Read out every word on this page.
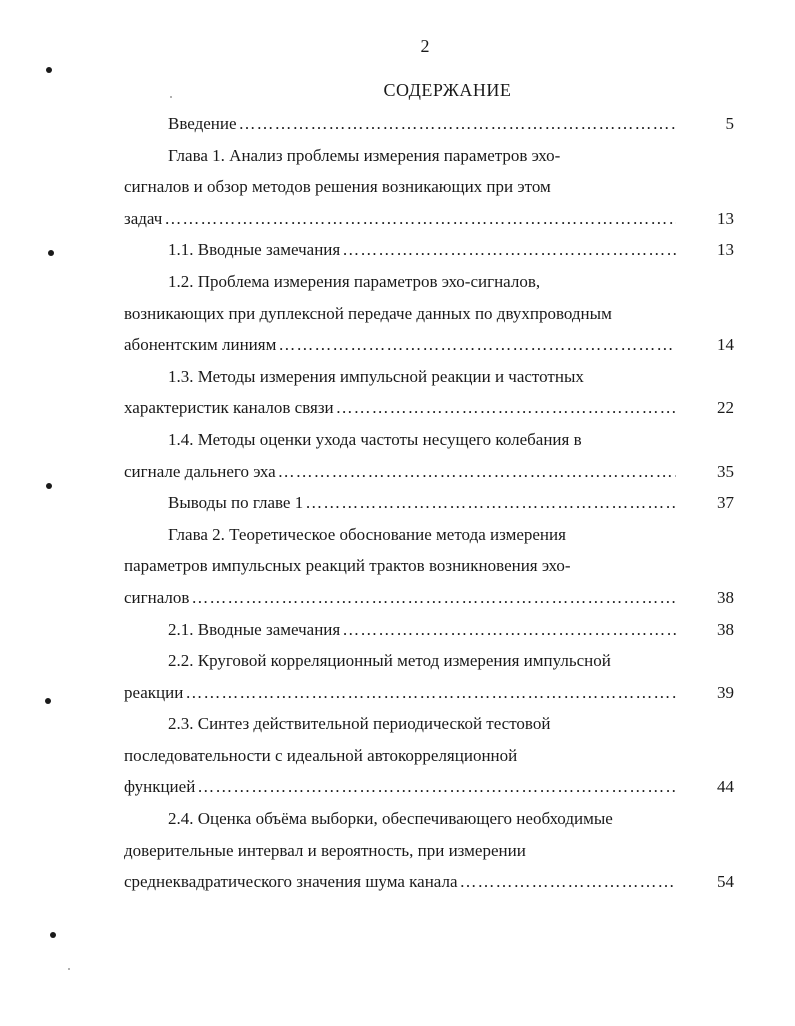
2
СОДЕРЖАНИЕ
Введение ……………………………………………………………………………………………………………………………………	5
Глава 1. Анализ проблемы измерения параметров эхо-
сигналов и обзор методов решения возникающих при этом
задач ……………………………………………………………………………………………………………………………………	13
1.1. Вводные замечания ……………………………………………………………………………………………………………………………………	13
1.2. Проблема измерения параметров эхо-сигналов,
возникающих при дуплексной передаче данных по двухпроводным
абонентским линиям ……………………………………………………………………………………………………………………………………	14
1.3. Методы измерения импульсной реакции и частотных
характеристик каналов связи ……………………………………………………………………………………………………………………………………	22
1.4. Методы оценки ухода частоты несущего колебания в
сигнале дальнего эха ……………………………………………………………………………………………………………………………………	35
Выводы по главе 1 ……………………………………………………………………………………………………………………………………	37
Глава 2. Теоретическое обоснование метода измерения
параметров импульсных реакций трактов возникновения эхо-
сигналов ……………………………………………………………………………………………………………………………………	38
2.1. Вводные замечания ……………………………………………………………………………………………………………………………………	38
2.2. Круговой корреляционный метод измерения импульсной
реакции ……………………………………………………………………………………………………………………………………	39
2.3. Синтез действительной периодической тестовой
последовательности с идеальной автокорреляционной
функцией ……………………………………………………………………………………………………………………………………	44
2.4. Оценка объёма выборки, обеспечивающего необходимые
доверительные интервал и вероятность, при измерении
среднеквадратического значения шума канала ……………………………………………………………………………………………………………………………………	54
